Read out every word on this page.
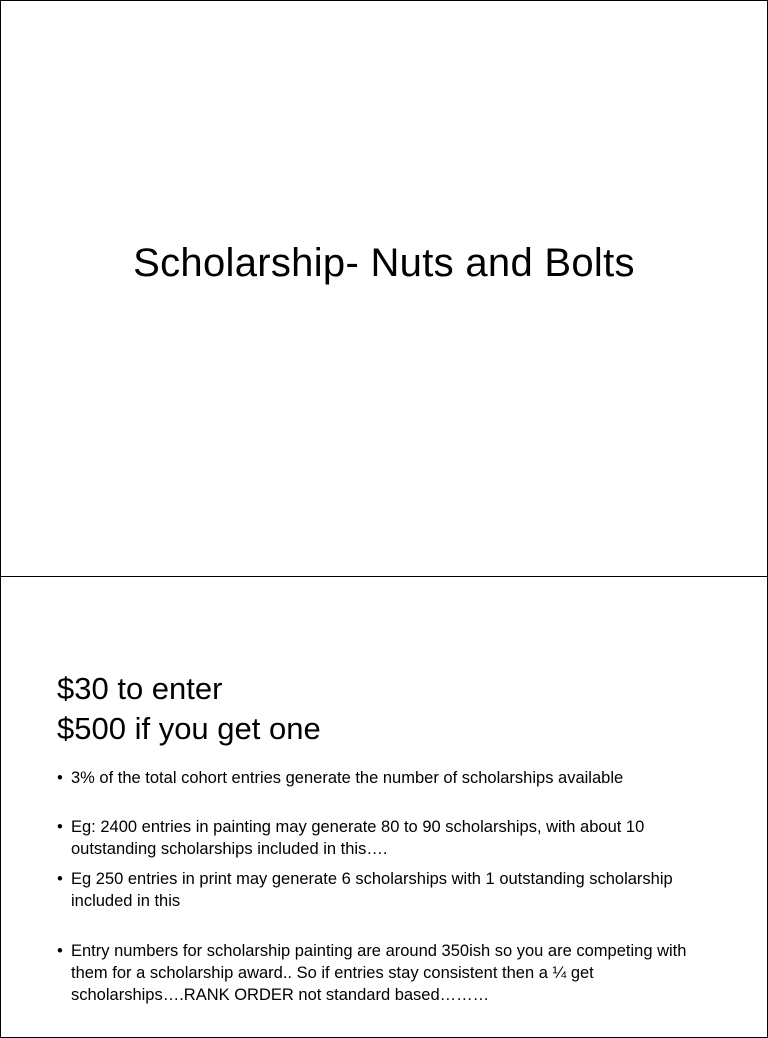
Scholarship- Nuts and Bolts
$30 to enter
$500 if you get one
• 3% of the total cohort entries generate the number of scholarships available
• Eg: 2400 entries in painting may generate 80 to 90 scholarships, with about 10 outstanding scholarships included in this….
• Eg 250 entries in print may generate 6 scholarships with 1 outstanding scholarship included in this
• Entry numbers for scholarship painting are around 350ish so you are competing with them for a scholarship award.. So if entries stay consistent then a ¼ get scholarships….RANK ORDER not standard based………
